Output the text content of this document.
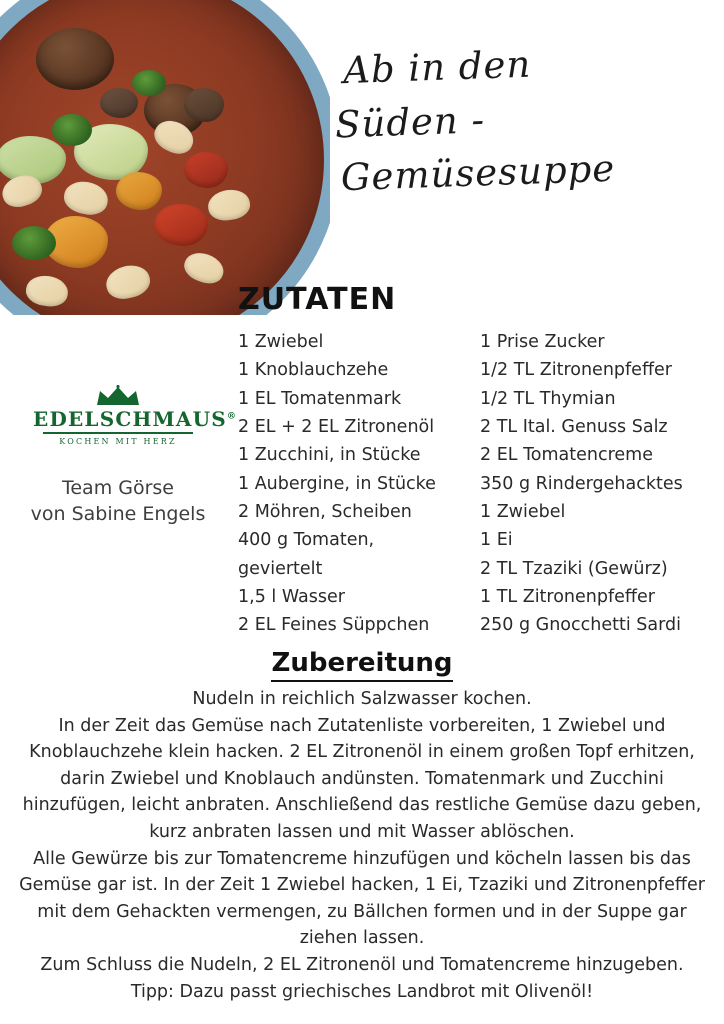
Ab in den
Süden -
Gemüsesuppe
EDELSCHMAUS®
KOCHEN MIT HERZ
Team Görse
von Sabine Engels
ZUTATEN
1 Zwiebel
1 Knoblauchzehe
1 EL Tomatenmark
2 EL + 2 EL Zitronenöl
1 Zucchini, in Stücke
1 Aubergine, in Stücke
2 Möhren, Scheiben
400 g Tomaten,
geviertelt
1,5 l Wasser
2 EL Feines Süppchen
1 Prise Zucker
1/2 TL Zitronenpfeffer
1/2 TL Thymian
2 TL Ital. Genuss Salz
2 EL Tomatencreme
350 g Rindergehacktes
1 Zwiebel
1 Ei
2 TL Tzaziki (Gewürz)
1 TL Zitronenpfeffer
250 g Gnocchetti Sardi
Zubereitung

Nudeln in reichlich Salzwasser kochen.

In der Zeit das Gemüse nach Zutatenliste vorbereiten, 1 Zwiebel und Knoblauchzehe klein hacken. 2 EL Zitronenöl in einem großen Topf erhitzen, darin Zwiebel und Knoblauch andünsten. Tomatenmark und Zucchini hinzufügen, leicht anbraten. Anschließend das restliche Gemüse dazu geben, kurz anbraten lassen und mit Wasser ablöschen.

Alle Gewürze bis zur Tomatencreme hinzufügen und köcheln lassen bis das Gemüse gar ist. In der Zeit 1 Zwiebel hacken, 1 Ei, Tzaziki und Zitronenpfeffer mit dem Gehackten vermengen, zu Bällchen formen und in der Suppe gar ziehen lassen.

Zum Schluss die Nudeln, 2 EL Zitronenöl und Tomatencreme hinzugeben.

Tipp: Dazu passt griechisches Landbrot mit Olivenöl!
